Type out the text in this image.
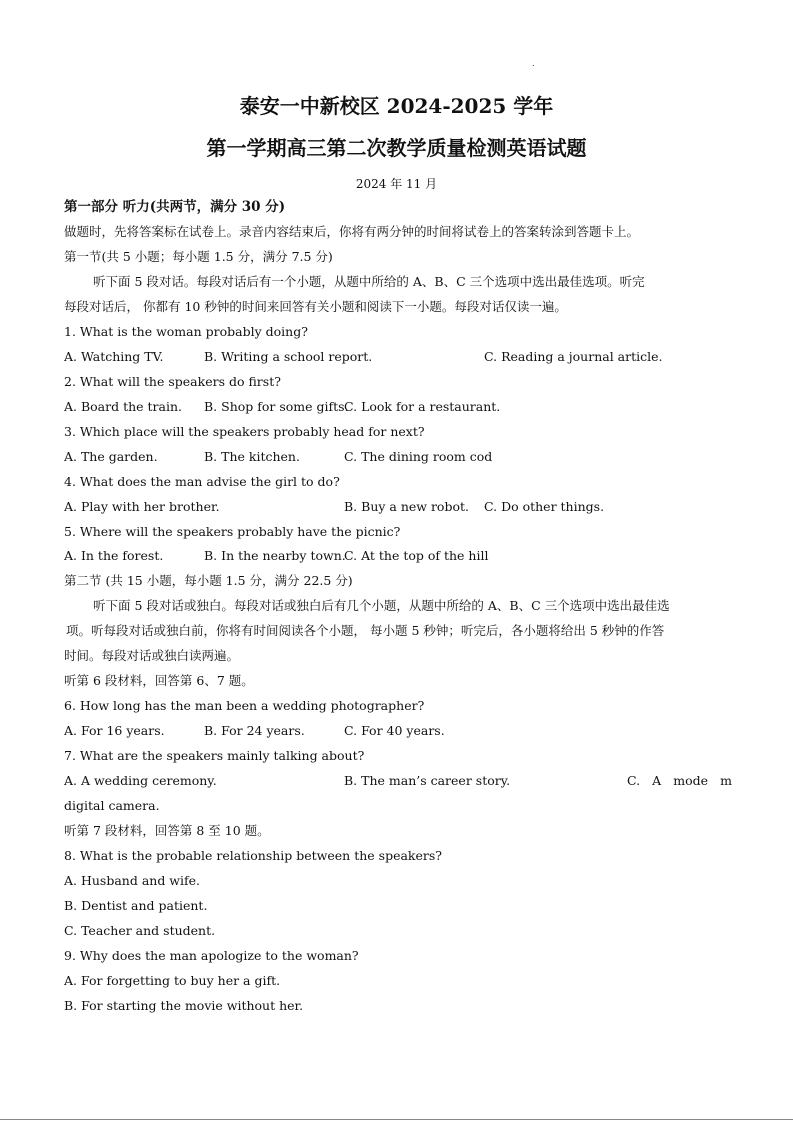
.
泰安一中新校区 2024-2025 学年
第一学期高三第二次教学质量检测英语试题
2024 年 11 月
第一部分 听力(共两节，满分 30 分)
做题时，先将答案标在试卷上。录音内容结束后，你将有两分钟的时间将试卷上的答案转涂到答题卡上。
第一节(共 5 小题；每小题 1.5 分，满分 7.5 分)
听下面 5 段对话。每段对话后有一个小题，从题中所给的 A、B、C 三个选项中选出最佳选项。听完
每段对话后， 你都有 10 秒钟的时间来回答有关小题和阅读下一小题。每段对话仅读一遍。
1. What is the woman probably doing?
A. Watching TV.	B. Writing a school report.	C. Reading a journal article.
2. What will the speakers do first?
A. Board the train. B. Shop for some gifts.
C. Look for a restaurant.
3. Which place will the speakers probably head for next?
A. The garden.	B. The kitchen.	C. The dining room cod
4. What does the man advise the girl to do?
A. Play with her brother.	B. Buy a new robot. C. Do other things.
5. Where will the speakers probably have the picnic?
A. In the forest.	B. In the nearby town.
C. At the top of the hill
第二节 (共 15 小题，每小题 1.5 分，满分 22.5 分)
听下面 5 段对话或独白。每段对话或独白后有几个小题，从题中所给的 A、B、C 三个选项中选出最佳选
项。听每段对话或独白前，你将有时间阅读各个小题， 每小题 5 秒钟；听完后，各小题将给出 5 秒钟的作答
时间。每段对话或独白读两遍。
听第 6 段材料，回答第 6、7 题。
6. How long has the man been a wedding photographer?
A. For 16 years.	B. For 24 years.	C. For 40 years.
7. What are the speakers mainly talking about?
A. A wedding ceremony.	B. The man’s career story.	C. A mode m
digital camera.
听第 7 段材料，回答第 8 至 10 题。
8. What is the probable relationship between the speakers?
A. Husband and wife.
B. Dentist and patient.
C. Teacher and student.
9. Why does the man apologize to the woman?
A. For forgetting to buy her a gift.
B. For starting the movie without her.
